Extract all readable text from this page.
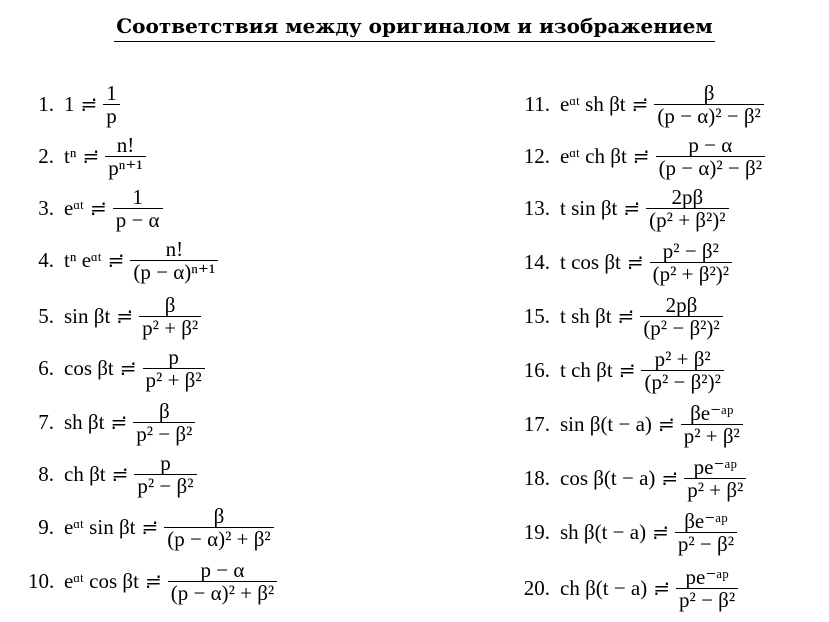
Соответствия между оригиналом и изображением
1. 1 ≓ $\frac{1}{p}$
2. tⁿ ≓ $\frac{n!}{\text{pⁿ⁺¹}}$
3. eᵅᵗ ≓ $\frac{1}{p - \alpha}$
4. tⁿ eᵅᵗ ≓ $\frac{n!}{\text{(p − α)ⁿ⁺¹}}$
5. sin βt ≓ $\frac{\beta}{\text{p² + β²}}$
6. cos βt ≓ $\frac{p}{\text{p² + β²}}$
7. sh βt ≓ $\frac{\beta}{\text{p² − β²}}$
8. ch βt ≓ $\frac{p}{\text{p² − β²}}$
9. eᵅᵗ sin βt ≓ $\frac{\beta}{\text{(p − α)² + β²}}$
10. eᵅᵗ cos βt ≓ $\frac{p - \alpha}{\text{(p − α)² + β²}}$
11. eᵅᵗ sh βt ≓ $\frac{\beta}{\text{(p − α)² − β²}}$
12. eᵅᵗ ch βt ≓ $\frac{p - \alpha}{\text{(p − α)² − β²}}$
13. t sin βt ≓ $\frac{2p\beta}{\text{(p² + β²)²}}$
14. t cos βt ≓ $\frac{\text{p² − β²}}{\text{(p² + β²)²}}$
15. t sh βt ≓ $\frac{2p\beta}{\text{(p² − β²)²}}$
16. t ch βt ≓ $\frac{\text{p² + β²}}{\text{(p² − β²)²}}$
17. sin β(t − a) ≓ $\frac{\text{βe⁻ᵃᵖ}}{\text{p² + β²}}$
18. cos β(t − a) ≓ $\frac{\text{pe⁻ᵃᵖ}}{\text{p² + β²}}$
19. sh β(t − a) ≓ $\frac{\text{βe⁻ᵃᵖ}}{\text{p² − β²}}$
20. ch β(t − a) ≓ $\frac{\text{pe⁻ᵃᵖ}}{\text{p² − β²}}$
